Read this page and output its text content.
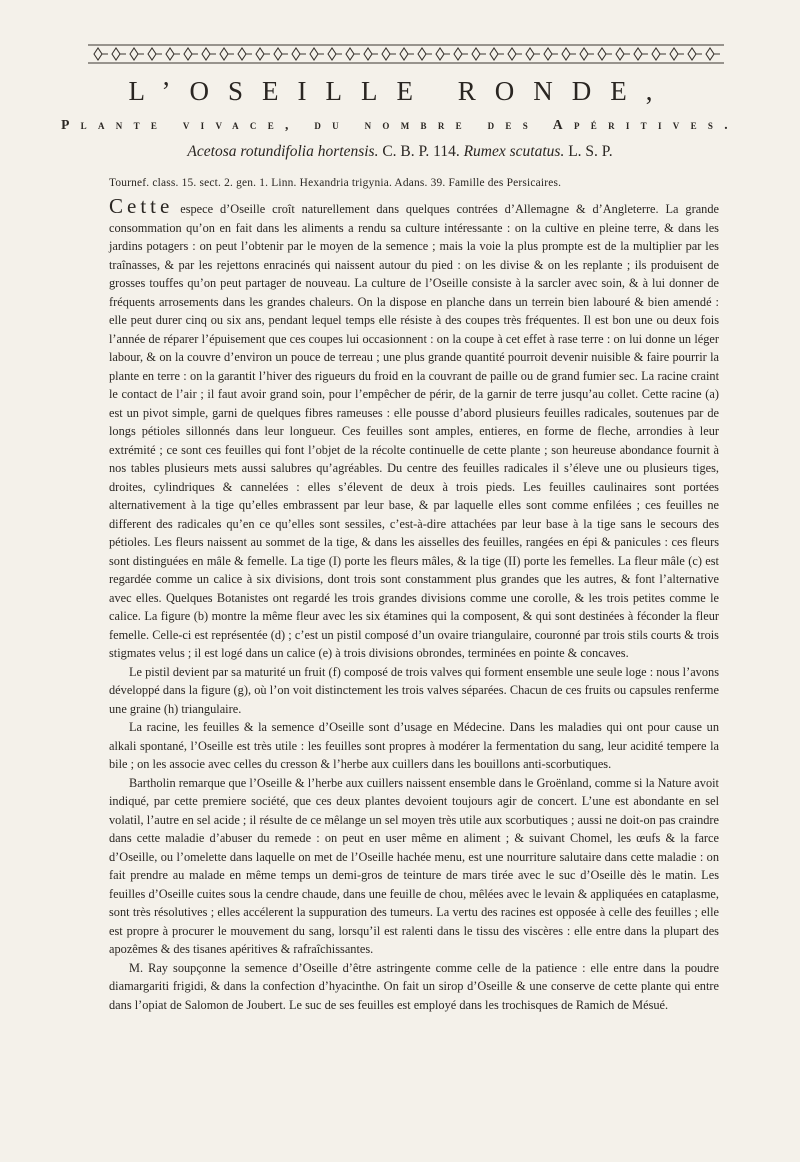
L’OSEILLE RONDE,
Plante vivace, du nombre des Apéritives.
Acetosa rotundifolia hortensis. C. B. P. 114. Rumex scutatus. L. S. P.
Tournef. class. 15. sect. 2. gen. 1. Linn. Hexandria trigynia. Adans. 39. Famille des Persicaires.

Cette espece d’Oseille croît naturellement dans quelques contrées d’Allemagne & d’Angleterre. La grande consommation qu’on en fait dans les aliments a rendu sa culture intéressante : on la cultive en pleine terre, & dans les jardins potagers : on peut l’obtenir par le moyen de la semence ; mais la voie la plus prompte est de la multiplier par les traînasses, & par les rejettons enracinés qui naissent autour du pied : on les divise & on les replante ; ils produisent de grosses touffes qu’on peut partager de nouveau. La culture de l’Oseille consiste à la sarcler avec soin, & à lui donner de fréquents arrosements dans les grandes chaleurs. On la dispose en planche dans un terrein bien labouré & bien amendé : elle peut durer cinq ou six ans, pendant lequel temps elle résiste à des coupes très fréquentes. Il est bon une ou deux fois l’année de réparer l’épuisement que ces coupes lui occasionnent : on la coupe à cet effet à rase terre : on lui donne un léger labour, & on la couvre d’environ un pouce de terreau ; une plus grande quantité pourroit devenir nuisible & faire pourrir la plante en terre : on la garantit l’hiver des rigueurs du froid en la couvrant de paille ou de grand fumier sec. La racine craint le contact de l’air ; il faut avoir grand soin, pour l’empêcher de périr, de la garnir de terre jusqu’au collet. Cette racine (a) est un pivot simple, garni de quelques fibres rameuses : elle pousse d’abord plusieurs feuilles radicales, soutenues par de longs pétioles sillonnés dans leur longueur. Ces feuilles sont amples, entieres, en forme de fleche, arrondies à leur extrémité ; ce sont ces feuilles qui font l’objet de la récolte continuelle de cette plante ; son heureuse abondance fournit à nos tables plusieurs mets aussi salubres qu’agréables. Du centre des feuilles radicales il s’éleve une ou plusieurs tiges, droites, cylindriques & cannelées : elles s’élevent de deux à trois pieds. Les feuilles caulinaires sont portées alternativement à la tige qu’elles embrassent par leur base, & par laquelle elles sont comme enfilées ; ces feuilles ne different des radicales qu’en ce qu’elles sont sessiles, c’est-à-dire attachées par leur base à la tige sans le secours des pétioles. Les fleurs naissent au sommet de la tige, & dans les aisselles des feuilles, rangées en épi & panicules : ces fleurs sont distinguées en mâle & femelle. La tige (I) porte les fleurs mâles, & la tige (II) porte les femelles. La fleur mâle (c) est regardée comme un calice à six divisions, dont trois sont constamment plus grandes que les autres, & font l’alternative avec elles. Quelques Botanistes ont regardé les trois grandes divisions comme une corolle, & les trois petites comme le calice. La figure (b) montre la même fleur avec les six étamines qui la composent, & qui sont destinées à féconder la fleur femelle. Celle-ci est représentée (d) ; c’est un pistil composé d’un ovaire triangulaire, couronné par trois stils courts & trois stigmates velus ; il est logé dans un calice (e) à trois divisions obrondes, terminées en pointe & concaves.

Le pistil devient par sa maturité un fruit (f) composé de trois valves qui forment ensemble une seule loge : nous l’avons développé dans la figure (g), où l’on voit distinctement les trois valves séparées. Chacun de ces fruits ou capsules renferme une graine (h) triangulaire.

La racine, les feuilles & la semence d’Oseille sont d’usage en Médecine. Dans les maladies qui ont pour cause un alkali spontané, l’Oseille est très utile : les feuilles sont propres à modérer la fermentation du sang, leur acidité tempere la bile ; on les associe avec celles du cresson & l’herbe aux cuillers dans les bouillons anti-scorbutiques.

Bartholin remarque que l’Oseille & l’herbe aux cuillers naissent ensemble dans le Groënland, comme si la Nature avoit indiqué, par cette premiere société, que ces deux plantes devoient toujours agir de concert. L’une est abondante en sel volatil, l’autre en sel acide ; il résulte de ce mêlange un sel moyen très utile aux scorbutiques ; aussi ne doit-on pas craindre dans cette maladie d’abuser du remede : on peut en user même en aliment ; & suivant Chomel, les œufs & la farce d’Oseille, ou l’omelette dans laquelle on met de l’Oseille hachée menu, est une nourriture salutaire dans cette maladie : on fait prendre au malade en même temps un demi-gros de teinture de mars tirée avec le suc d’Oseille dès le matin. Les feuilles d’Oseille cuites sous la cendre chaude, dans une feuille de chou, mêlées avec le levain & appliquées en cataplasme, sont très résolutives ; elles accélerent la suppuration des tumeurs. La vertu des racines est opposée à celle des feuilles ; elle est propre à procurer le mouvement du sang, lorsqu’il est ralenti dans le tissu des viscères : elle entre dans la plupart des apozêmes & des tisanes apéritives & rafraîchissantes.

M. Ray soupçonne la semence d’Oseille d’être astringente comme celle de la patience : elle entre dans la poudre diamargariti frigidi, & dans la confection d’hyacinthe. On fait un sirop d’Oseille & une conserve de cette plante qui entre dans l’opiat de Salomon de Joubert. Le suc de ses feuilles est employé dans les trochisques de Ramich de Mésué.
